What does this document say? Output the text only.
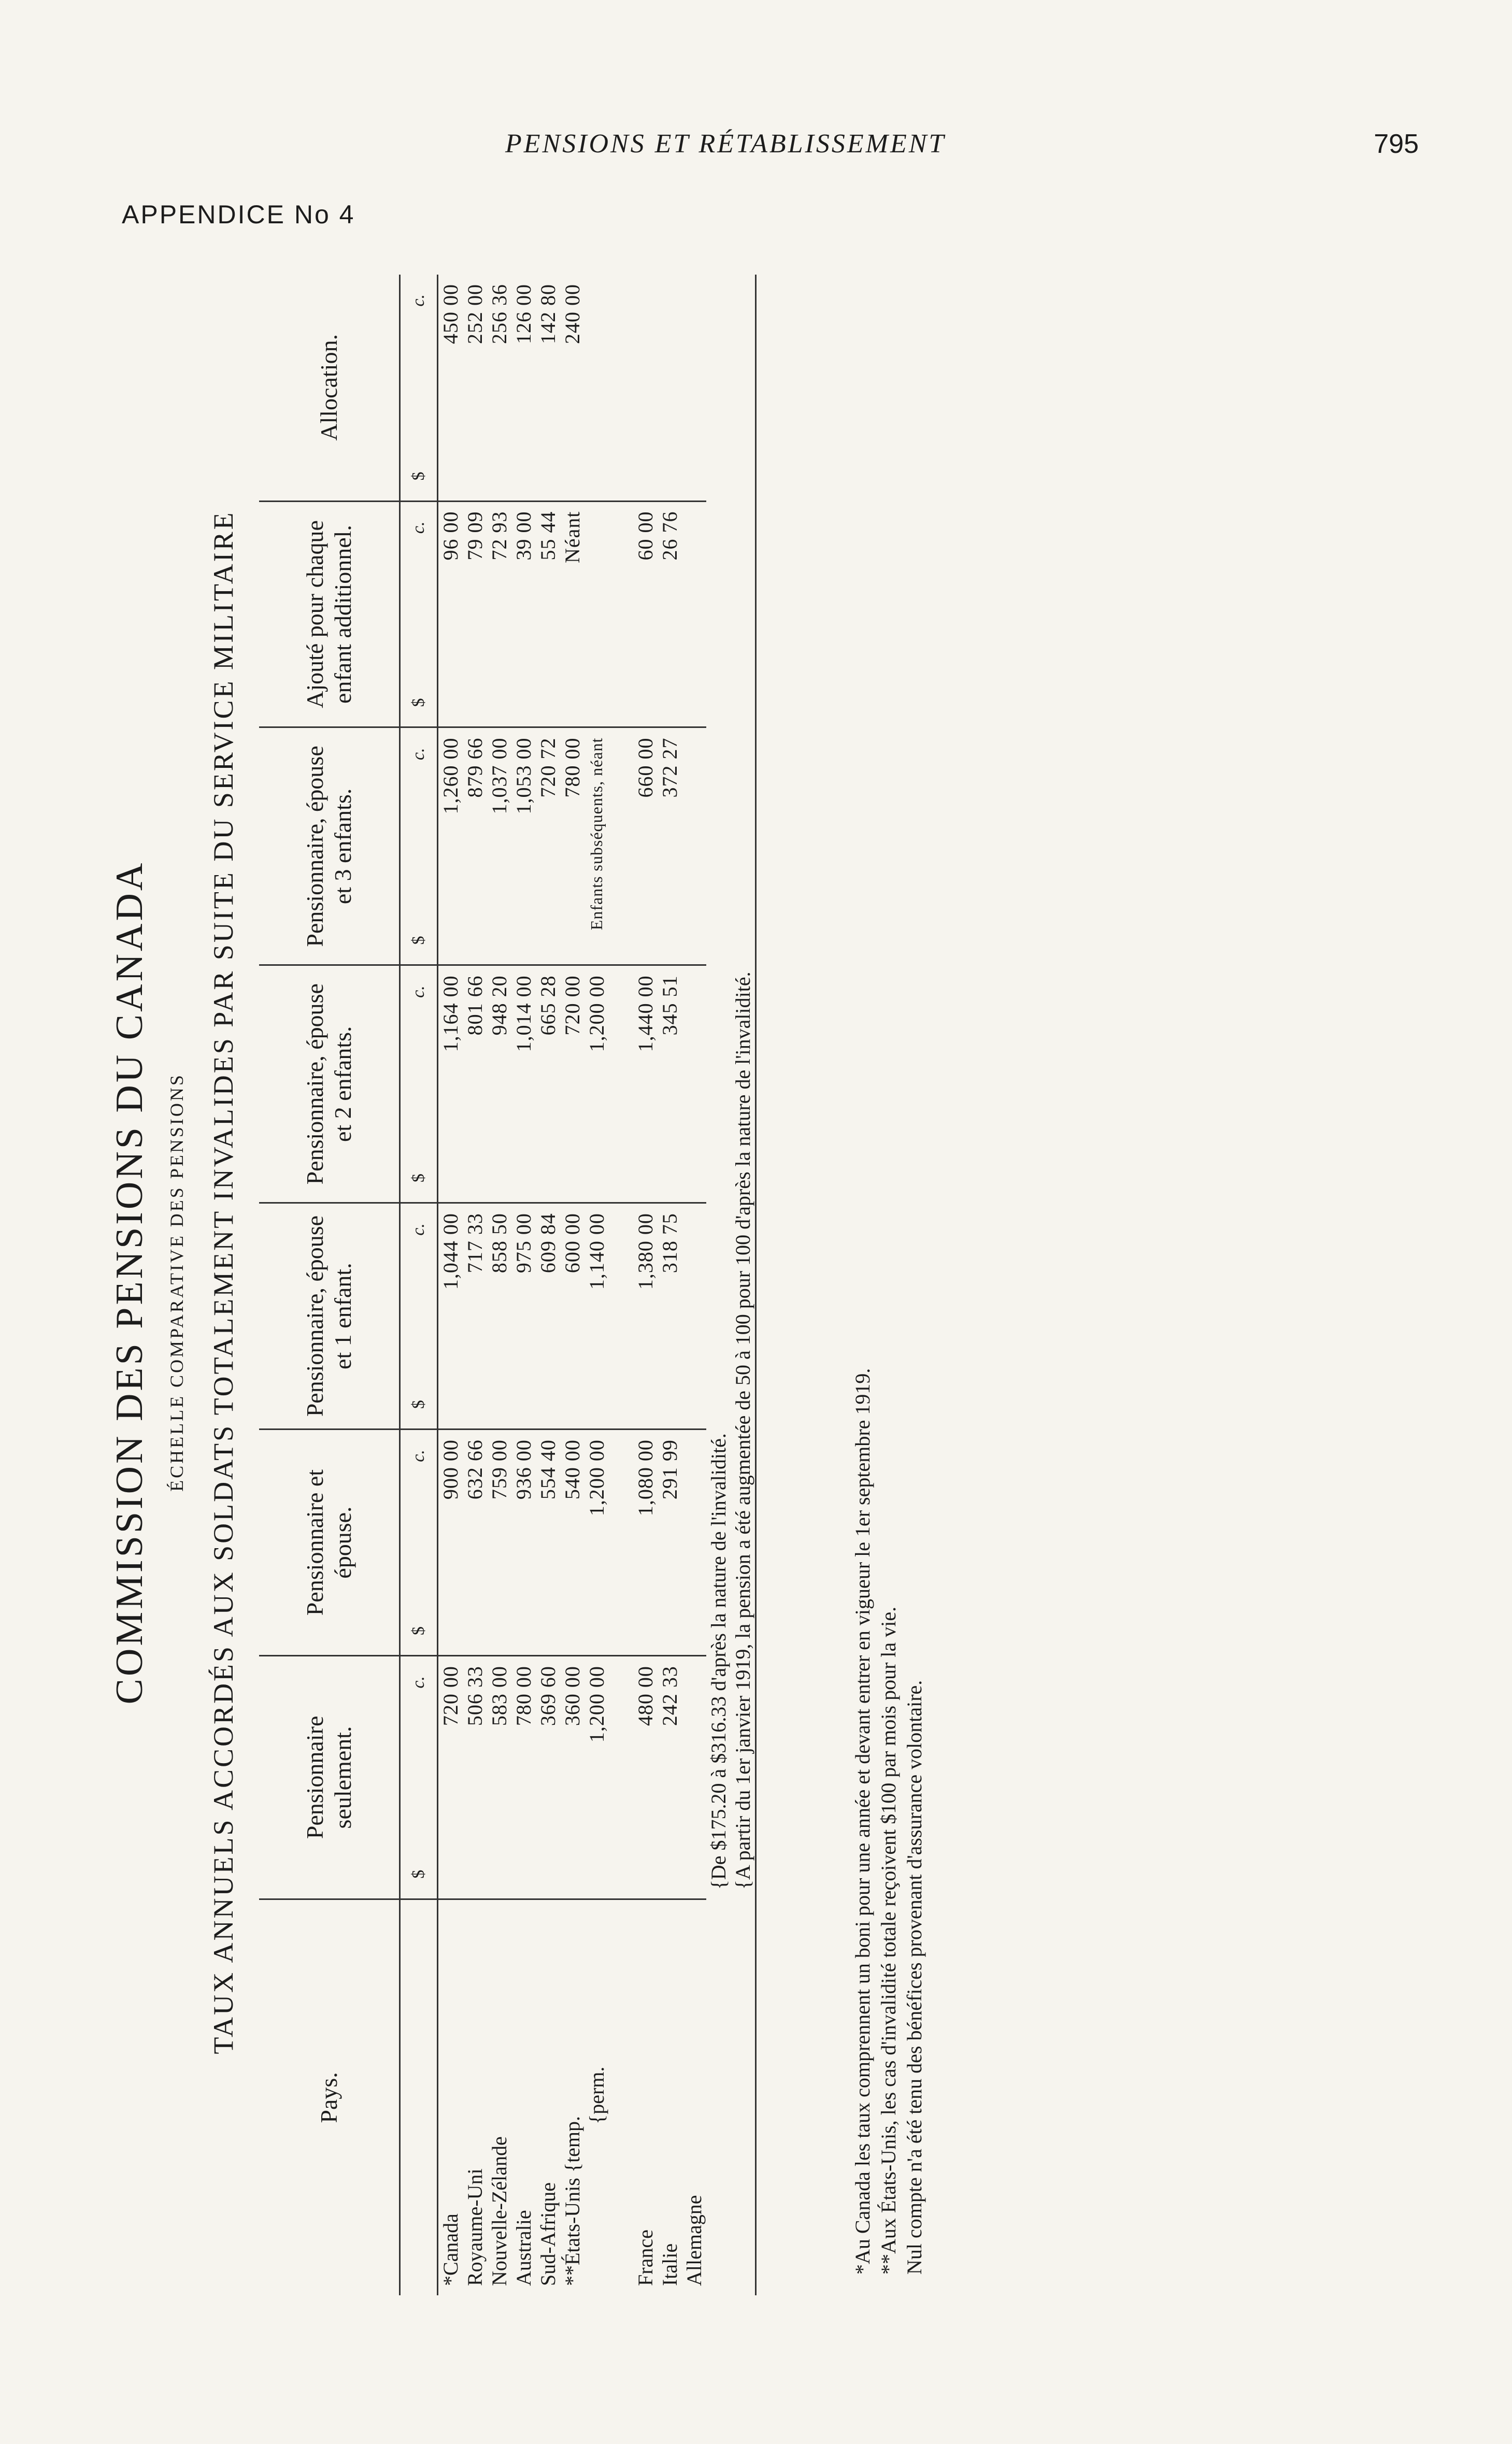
PENSIONS ET RÉTABLISSEMENT	795
APPENDICE No 4
COMMISSION DES PENSIONS DU CANADA ÉCHELLE COMPARATIVE DES PENSIONS TAUX ANNUELS ACCORDÉS AUX SOLDATS TOTALEMENT INVALIDES PAR SUITE DU SERVICE MILITAIRE
Pays.	Pensionnaire seulement.	Pensionnaire et épouse.	Pensionnaire, épouse et 1 enfant.	Pensionnaire, épouse et 2 enfants.	Pensionnaire, épouse et 3 enfants.	Ajouté pour chaque enfant additionnel.	Allocation.

	$
c.	$
c.	$
c.	$
c.	$
c.	$
c.	$
c.

*Canada	720 00	900 00	1,044 00	1,164 00	1,260 00	96 00	450 00
Royaume-Uni	506 33	632 66	717 33	801 66	879 66	79 09	252 00
Nouvelle-Zélande	583 00	759 00	858 50	948 20	1,037 00	72 93	256 36
Australie	780 00	936 00	975 00	1,014 00	1,053 00	39 00	126 00
Sud-Afrique	369 60	554 40	609 84	665 28	720 72	55 44	142 80
**États-Unis {temp.	360 00	540 00	600 00	720 00	780 00	Néant	240 00
{perm.	1,200 00	1,200 00	1,140 00	1,200 00	Enfants subséquents, néant		

France	480 00	1,080 00	1,380 00	1,440 00	660 00	60 00	
Italie	242 33	291 99	318 75	345 51	372 27	26 76	
Allemagne							
	{De $175.20 à $316.33 d'après la nature de l'invalidité.						
	{A partir du 1er janvier 1919, la pension a été augmentée de 50 à 100 pour 100 d'après la nature de l'invalidité.							*Au Canada les taux comprennent un boni pour une année et devant entrer en vigueur le 1er septembre 1919. **Aux États-Unis, les cas d'invalidité totale reçoivent $100 par mois pour la vie. Nul compte n'a été tenu des bénéfices provenant d'assurance volontaire.
